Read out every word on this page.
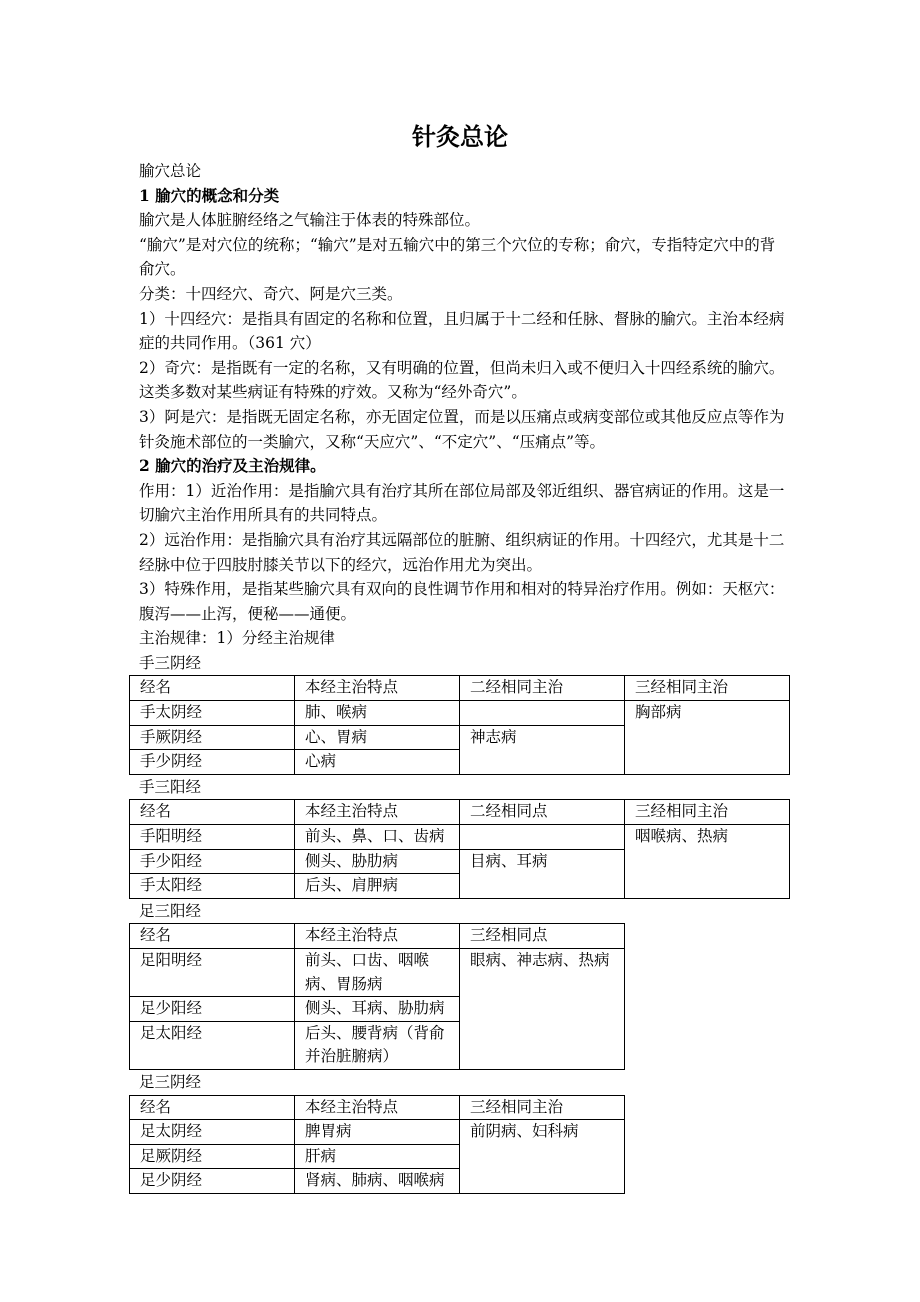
针灸总论

腧穴总论

1 腧穴的概念和分类

腧穴是人体脏腑经络之气输注于体表的特殊部位。

“腧穴”是对穴位的统称；“输穴”是对五输穴中的第三个穴位的专称；俞穴，专指特定穴中的背俞穴。

分类：十四经穴、奇穴、阿是穴三类。

1）十四经穴：是指具有固定的名称和位置，且归属于十二经和任脉、督脉的腧穴。主治本经病症的共同作用。（361 穴）

2）奇穴：是指既有一定的名称，又有明确的位置，但尚未归入或不便归入十四经系统的腧穴。这类多数对某些病证有特殊的疗效。又称为“经外奇穴”。

3）阿是穴：是指既无固定名称，亦无固定位置，而是以压痛点或病变部位或其他反应点等作为针灸施术部位的一类腧穴，又称“天应穴”、“不定穴”、“压痛点”等。

2 腧穴的治疗及主治规律。

作用：1）近治作用：是指腧穴具有治疗其所在部位局部及邻近组织、器官病证的作用。这是一切腧穴主治作用所具有的共同特点。

2）远治作用：是指腧穴具有治疗其远隔部位的脏腑、组织病证的作用。十四经穴，尤其是十二经脉中位于四肢肘膝关节以下的经穴，远治作用尤为突出。

3）特殊作用，是指某些腧穴具有双向的良性调节作用和相对的特异治疗作用。例如：天枢穴：腹泻——止泻，便秘——通便。

主治规律：1）分经主治规律

手三阴经

经名	本经主治特点	二经相同主治	三经相同主治
手太阴经	肺、喉病		胸部病
手厥阴经	心、胃病	神志病	
手少阴经	心病		

手三阳经

经名	本经主治特点	二经相同点	三经相同主治
手阳明经	前头、鼻、口、齿病		咽喉病、热病
手少阳经	侧头、胁肋病	目病、耳病	
手太阳经	后头、肩胛病		

足三阳经

经名	本经主治特点	三经相同点
足阳明经	前头、口齿、咽喉病、胃肠病	眼病、神志病、热病
足少阳经	侧头、耳病、胁肋病	
足太阳经	后头、腰背病（背俞并治脏腑病）	

足三阴经

经名	本经主治特点	三经相同主治
足太阴经	脾胃病	前阴病、妇科病
足厥阴经	肝病	
足少阴经	肾病、肺病、咽喉病	
